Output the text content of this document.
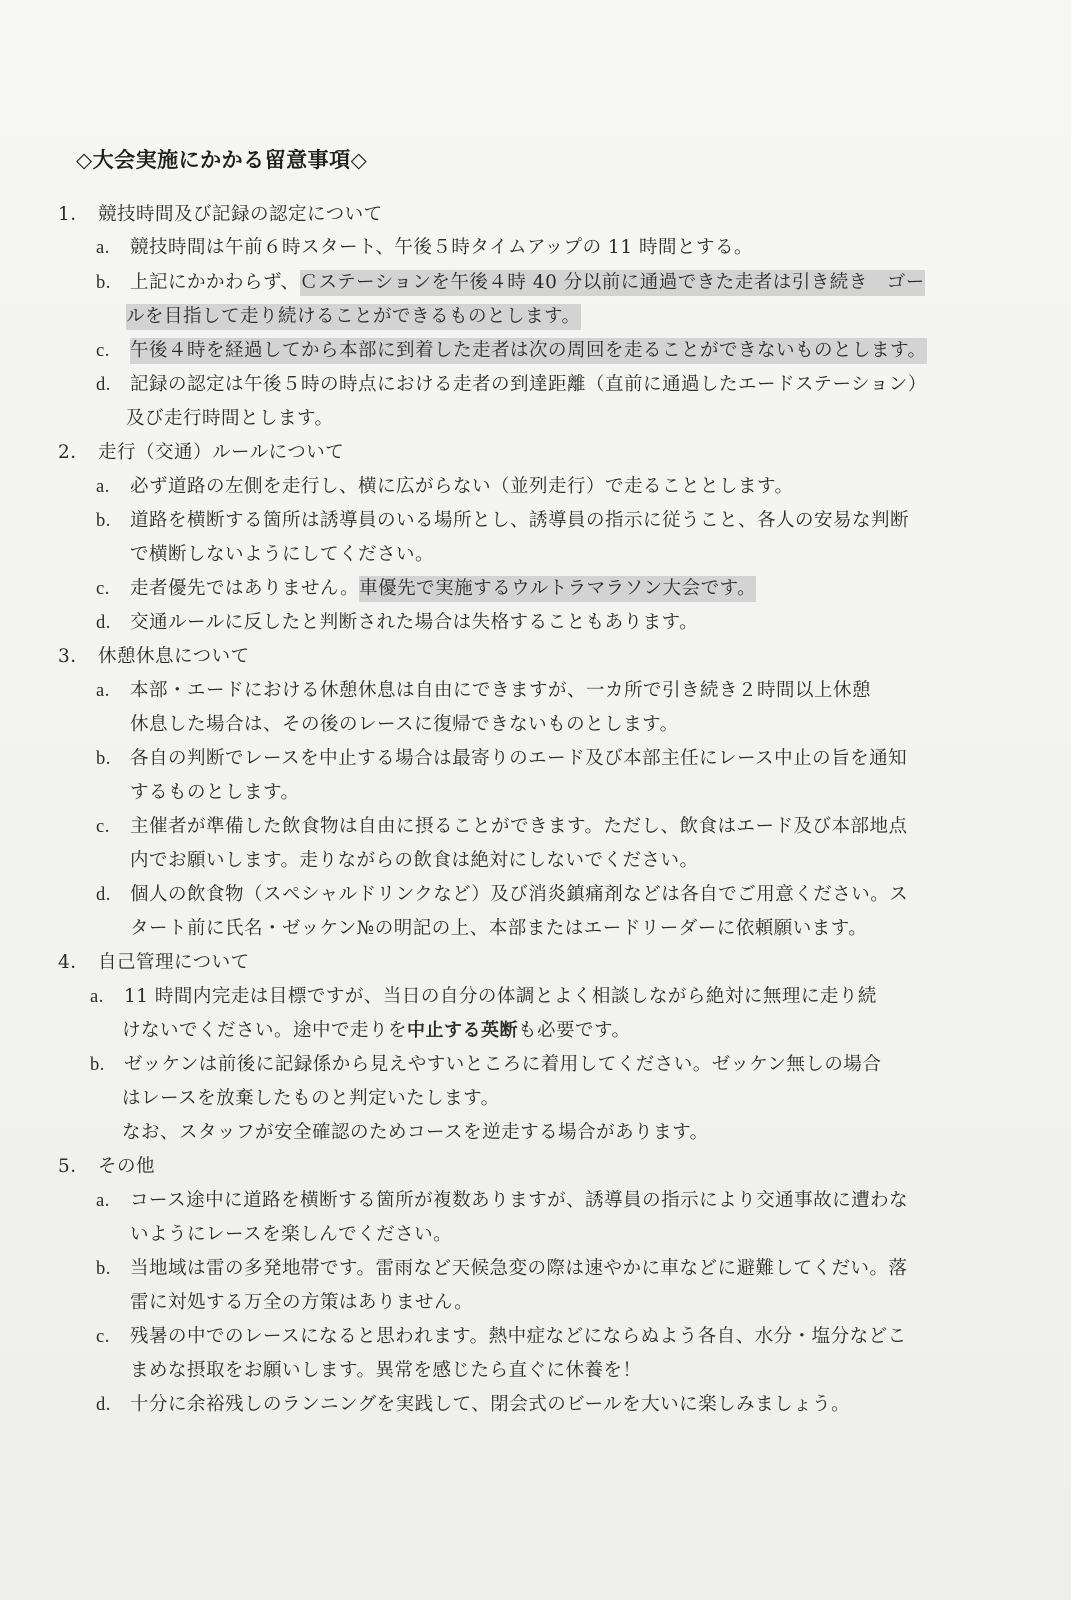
◇大会実施にかかる留意事項◇
1． 競技時間及び記録の認定について
a. 競技時間は午前６時スタート、午後５時タイムアップの 11 時間とする。
b. 上記にかかわらず、Ｃステーションを午後４時 40 分以前に通過できた走者は引き続き　ゴー
ルを目指して走り続けることができるものとします。
c. 午後４時を経過してから本部に到着した走者は次の周回を走ることができないものとします。
d. 記録の認定は午後５時の時点における走者の到達距離（直前に通過したエードステーション）
及び走行時間とします。
2． 走行（交通）ルールについて
a. 必ず道路の左側を走行し、横に広がらない（並列走行）で走ることとします。
b. 道路を横断する箇所は誘導員のいる場所とし、誘導員の指示に従うこと、各人の安易な判断
で横断しないようにしてください。
c. 走者優先ではありません。車優先で実施するウルトラマラソン大会です。
d. 交通ルールに反したと判断された場合は失格することもあります。
3． 休憩休息について
a. 本部・エードにおける休憩休息は自由にできますが、一カ所で引き続き２時間以上休憩
休息した場合は、その後のレースに復帰できないものとします。
b. 各自の判断でレースを中止する場合は最寄りのエード及び本部主任にレース中止の旨を通知
するものとします。
c. 主催者が準備した飲食物は自由に摂ることができます。ただし、飲食はエード及び本部地点
内でお願いします。走りながらの飲食は絶対にしないでください。
d. 個人の飲食物（スペシャルドリンクなど）及び消炎鎮痛剤などは各自でご用意ください。ス
タート前に氏名・ゼッケン№の明記の上、本部またはエードリーダーに依頼願います。
4． 自己管理について
a. 11 時間内完走は目標ですが、当日の自分の体調とよく相談しながら絶対に無理に走り続
けないでください。途中で走りを中止する英断も必要です。
b. ゼッケンは前後に記録係から見えやすいところに着用してください。ゼッケン無しの場合
はレースを放棄したものと判定いたします。
なお、スタッフが安全確認のためコースを逆走する場合があります。
5． その他
a. コース途中に道路を横断する箇所が複数ありますが、誘導員の指示により交通事故に遭わな
いようにレースを楽しんでください。
b. 当地域は雷の多発地帯です。雷雨など天候急変の際は速やかに車などに避難してくだい。落
雷に対処する万全の方策はありません。
c. 残暑の中でのレースになると思われます。熱中症などにならぬよう各自、水分・塩分などこ
まめな摂取をお願いします。異常を感じたら直ぐに休養を！
d. 十分に余裕残しのランニングを実践して、閉会式のビールを大いに楽しみましょう。
